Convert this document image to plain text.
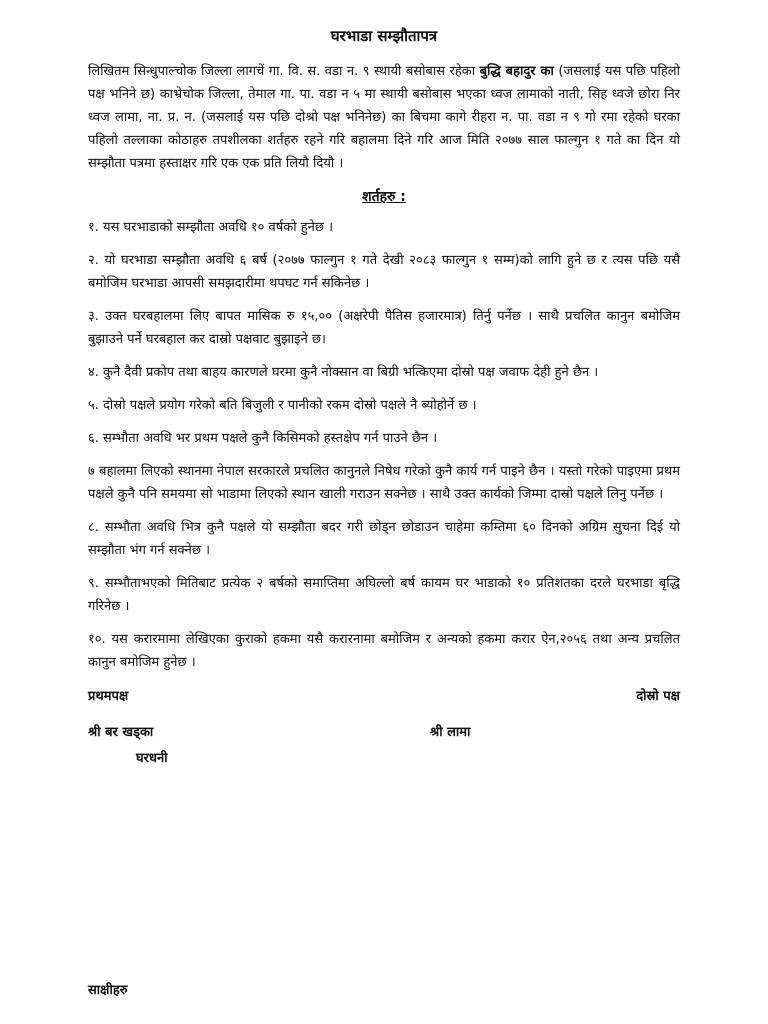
घरभाडा सम्झौतापत्र
लिखितम सिन्धुपाल्चोक जिल्ला लागचें गा. वि. स. वडा न. ९ स्थायी बसोबास रहेका बुद्धि बहादुर का (जसलाई यस पछि पहिलो पक्ष भनिने छ) काभ्रेचोक जिल्ला, तेमाल गा. पा. वडा न ५ मा स्थायी बसोबास भएका ध्वज लामाको नाती, सिह ध्वजे छोरा निर ध्वज लामा, ना. प्र. न. (जसलाई यस पछि दोश्रो पक्ष भनिनेछ) का बिचमा कागे रीहरा न. पा. वडा न ९ गो रमा रहेको घरका पहिलो तल्लाका कोठाहरु तपशीलका शर्तहरु रहने गरि बहालमा दिने गरि आज मिति २०७७ साल फाल्गुन १ गते का दिन यो सम्झौता पत्रमा हस्ताक्षर गरि एक एक प्रति लियौ दियौ ।
शर्तहरु :
१. यस घरभाडाको सम्झौता अवधि १० वर्षको हुनेछ ।
२. यो घरभाडा सम्झौता अवधि ६ बर्ष (२०७७ फाल्गुन १ गते देखी २०८३ फाल्गुन १ सम्म)को लागि हुने छ र त्यस पछि यसै बमोजिम घरभाडा आपसी समझदारीमा थपघट गर्न सकिनेछ ।
३. उक्त घरबहालमा लिए बापत मासिक रु १५,०० (अक्षरेपी पैतिस हजारमात्र) तिर्नु पर्नेछ । साथै प्रचलित कानुन बमोजिम बुझाउने पर्ने घरबहाल कर दास्रो पक्षवाट बुझाइने छ।
४. कुनै दैवी प्रकोप तथा बाहय कारणले घरमा कुनै नोक्सान वा बिग्री भत्किएमा दोस्रो पक्ष जवाफ देही हुने छैन ।
५. दोस्रो पक्षले प्रयोग गरेको बति बिजुली र पानीको रकम दोस्रो पक्षले नै ब्योहोर्ने छ ।
६. सम्भौता अवधि भर प्रथम पक्षले कुनै किसिमको हस्तक्षेप गर्न पाउने छैन ।
७ बहालमा लिएको स्थानमा नेपाल सरकारले प्रचलित कानुनले निषेध गरेको कुनै कार्य गर्न पाइने छैन । यस्तो गरेको पाइएमा प्रथम पक्षले कुनै पनि समयमा सो भाडामा लिएको स्थान खाली गराउन सक्नेछ । साथै उक्त कार्यको जिम्मा दास्रो पक्षले लिनु पर्नेछ ।
८. सम्भौता अवधि भित्र कुनै पक्षले यो सम्झौता बदर गरी छोड्न छोडाउन चाहेमा कम्तिमा ६० दिनको अग्रिम सुचना दिई यो सम्झौता भंग गर्न सक्नेछ ।
९. सम्भौताभएको मितिबाट प्रत्येक २ बर्षको समाप्तिमा अघिल्लो बर्ष कायम घर भाडाको १० प्रतिशतका दरले घरभाडा बृद्धि गरिनेछ ।
१०. यस करारमामा लेखिएका कुराको हकमा यसै करारनामा बमोजिम र अन्यको हकमा करार ऐन,२०५६ तथा अन्य प्रचलित कानुन बमोजिम हुनेछ ।
प्रथमपक्ष	दोस्रो पक्ष
श्री बर खड्का	श्री लामा
घरधनी
साक्षीहरु
